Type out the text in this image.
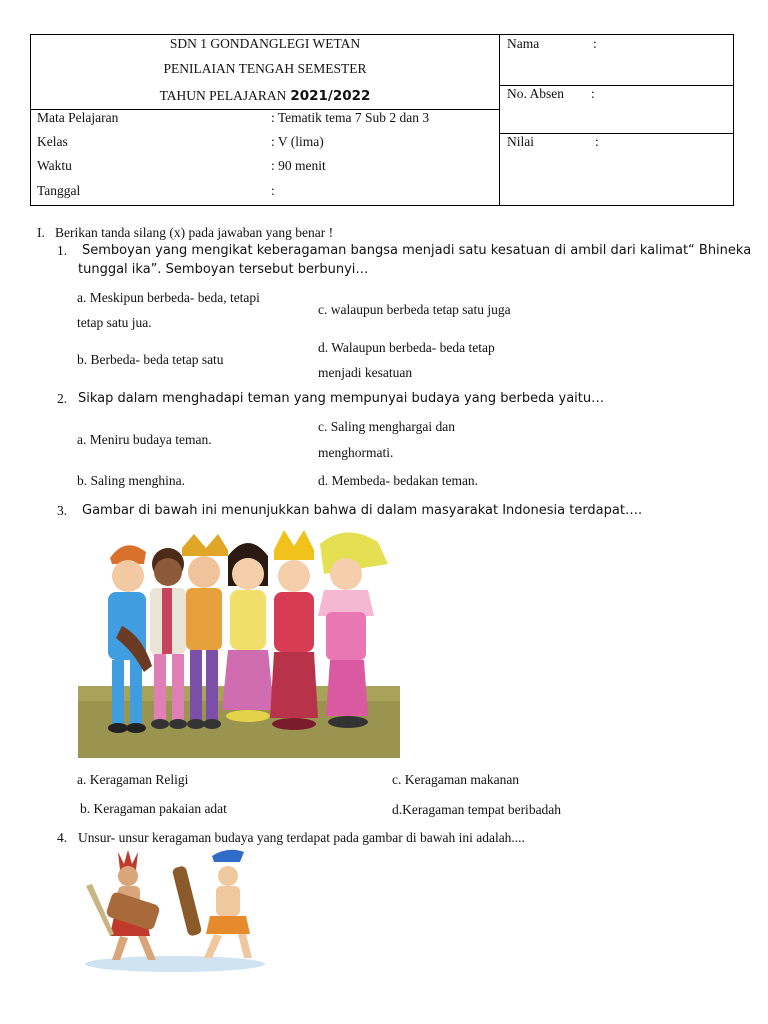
SDN 1 GONDANGLEGI WETAN
PENILAIAN TENGAH SEMESTER
TAHUN PELAJARAN 2021/2022
Mata Pelajaran	: Tematik tema 7 Sub 2 dan 3
Kelas	: V (lima)
Waktu	: 90 menit
Tanggal	:
Nama	:
No. Absen :
Nilai	:
I. Berikan tanda silang (x) pada jawaban yang benar !
1. Semboyan yang mengikat keberagaman bangsa menjadi satu kesatuan di ambil dari kalimat“ Bhineka
tunggal ika”. Semboyan tersebut berbunyi…
a. Meskipun berbeda- beda, tetapi
tetap satu jua.
b. Berbeda- beda tetap satu
c. walaupun berbeda tetap satu juga
d. Walaupun berbeda- beda tetap
menjadi kesatuan
2. Sikap dalam menghadapi teman yang mempunyai budaya yang berbeda yaitu…
a. Meniru budaya teman.
b. Saling menghina.
c. Saling menghargai dan
menghormati.
d. Membeda- bedakan teman.
3. Gambar di bawah ini menunjukkan bahwa di dalam masyarakat Indonesia terdapat….
a. Keragaman Religi
b. Keragaman pakaian adat
c. Keragaman makanan
d.Keragaman tempat beribadah
4. Unsur- unsur keragaman budaya yang terdapat pada gambar di bawah ini adalah....
